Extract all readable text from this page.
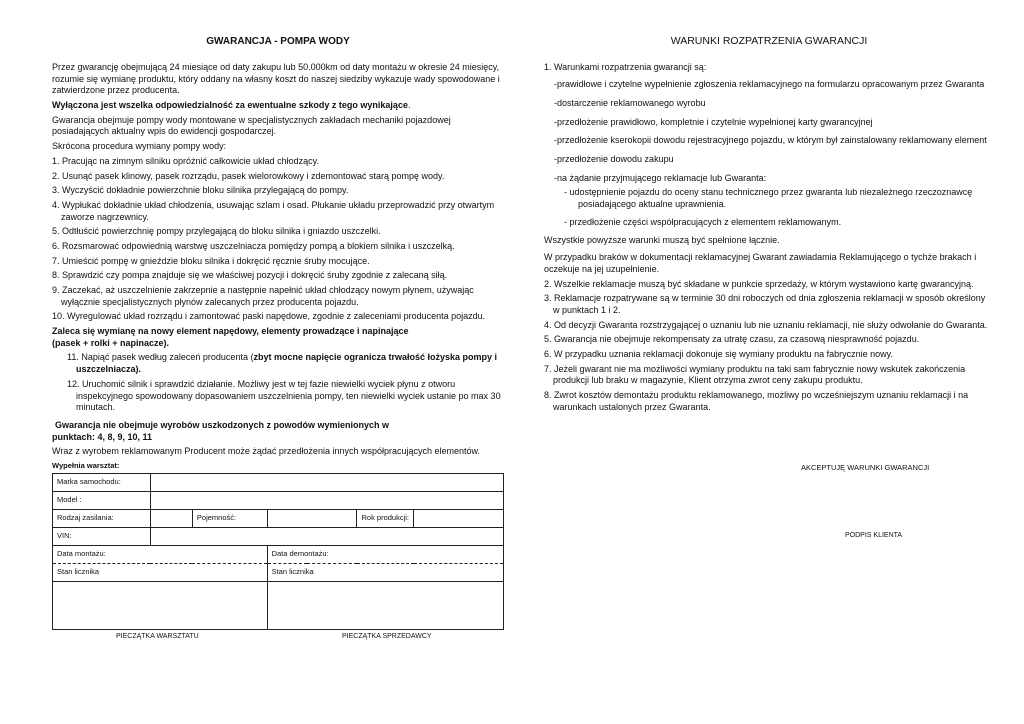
GWARANCJA - POMPA WODY
Przez gwarancję obejmującą 24 miesiące od daty zakupu lub 50.000km od daty montażu w okresie 24 miesięcy, rozumie się wymianę produktu, który oddany na własny koszt do naszej siedziby wykazuje wady spowodowane i zatwierdzone przez producenta.
Wyłączona jest wszelka odpowiedzialność za ewentualne szkody z tego wynikające.
Gwarancja obejmuje pompy wody montowane w specjalistycznych zakładach mechaniki pojazdowej posiadających aktualny wpis do ewidencji gospodarczej.
Skrócona procedura wymiany pompy wody:
1. Pracując na zimnym silniku opróżnić całkowicie układ chłodzący.
2. Usunąć pasek klinowy, pasek rozrządu, pasek wielorowkowy i zdemontować starą pompę wody.
3. Wyczyścić dokładnie powierzchnie bloku silnika przylegającą do pompy.
4. Wypłukać dokładnie układ chłodzenia, usuwając szlam i osad. Płukanie układu przeprowadzić przy otwartym zaworze nagrzewnicy.
5. Odtłuścić powierzchnię pompy przylegającą do bloku silnika i gniazdo uszczelki.
6. Rozsmarować odpowiednią warstwę uszczelniacza pomiędzy pompą a blokiem silnika i uszczelką.
7. Umieścić pompę w gnieździe bloku silnika i dokręcić ręcznie śruby mocujące.
8. Sprawdzić czy pompa znajduje się we właściwej pozycji i dokręcić śruby zgodnie z zalecaną siłą.
9. Zaczekać, aż uszczelnienie zakrzepnie a następnie napełnić układ chłodzący nowym płynem, używając wyłącznie specjalistycznych płynów zalecanych przez producenta pojazdu.
10. Wyregulować układ rozrządu i zamontować paski napędowe, zgodnie z zaleceniami producenta pojazdu.
Zaleca się wymianę na nowy element napędowy, elementy prowadzące i napinające
(pasek + rolki + napinacze).
11. Napiąć pasek według zaleceń producenta (zbyt mocne napięcie ogranicza trwałość łożyska pompy i uszczelniacza).
12. Uruchomić silnik i sprawdzić działanie. Możliwy jest w tej fazie niewielki wyciek płynu z otworu inspekcyjnego spowodowany dopasowaniem uszczelnienia pompy, ten niewielki wyciek ustanie po max 30 minutach.
Gwarancja nie obejmuje wyrobów uszkodzonych z powodów wymienionych w
punktach: 4, 8, 9, 10, 11
Wraz z wyrobem reklamowanym Producent może żądać przedłożenia innych współpracujących elementów.
Wypełnia warsztat:
Marka samochodu:					
Model :					
Rodzaj zasilania:		Pojemność:		Rok produkcji:	
VIN:					
Data montażu:			Data demontażu:		
Stan licznika			Stan licznika		

PIECZĄTKA WARSZTATU	PIECZĄTKA SPRZEDAWCY
WARUNKI ROZPATRZENIA GWARANCJI
1. Warunkami rozpatrzenia gwarancji są:
-prawidłowe i czytelne wypełnienie zgłoszenia reklamacyjnego na formularzu opracowanym przez Gwaranta
-dostarczenie reklamowanego wyrobu
-przedłożenie prawidłowo, kompletnie i czytelnie wypełnionej karty gwarancyjnej
-przedłożenie kserokopii dowodu rejestracyjnego pojazdu, w którym był zainstalowany reklamowany element
-przedłożenie dowodu zakupu
-na żądanie przyjmującego reklamacje lub Gwaranta:
- udostępnienie pojazdu do oceny stanu technicznego przez gwaranta lub niezależnego rzeczoznawcę posiadającego aktualne uprawnienia.
- przedłożenie części współpracujących z elementem reklamowanym.
Wszystkie powyższe warunki muszą być spełnione łącznie.
W przypadku braków w dokumentacji reklamacyjnej Gwarant zawiadamia Reklamującego o tychże brakach i oczekuje na jej uzupełnienie.
2. Wszelkie reklamacje muszą być składane w punkcie sprzedaży, w którym wystawiono kartę gwarancyjną.
3. Reklamacje rozpatrywane są w terminie 30 dni roboczych od dnia zgłoszenia reklamacji w sposób określony w punktach 1 i 2.
4. Od decyzji Gwaranta rozstrzygającej o uznaniu lub nie uznaniu reklamacji, nie służy odwołanie do Gwaranta.
5. Gwarancja nie obejmuje rekompensaty za utratę czasu, za czasową niesprawność pojazdu.
6. W przypadku uznania reklamacji dokonuje się wymiany produktu na fabrycznie nowy.
7. Jeżeli gwarant nie ma możliwości wymiany produktu na taki sam fabrycznie nowy wskutek zakończenia produkcji lub braku w magazynie, Klient otrzyma zwrot ceny zakupu produktu.
8. Zwrot kosztów demontażu produktu reklamowanego, możliwy po wcześniejszym uznaniu reklamacji i na warunkach ustalonych przez Gwaranta.
AKCEPTUJĘ WARUNKI GWARANCJI
PODPIS KLIENTA
